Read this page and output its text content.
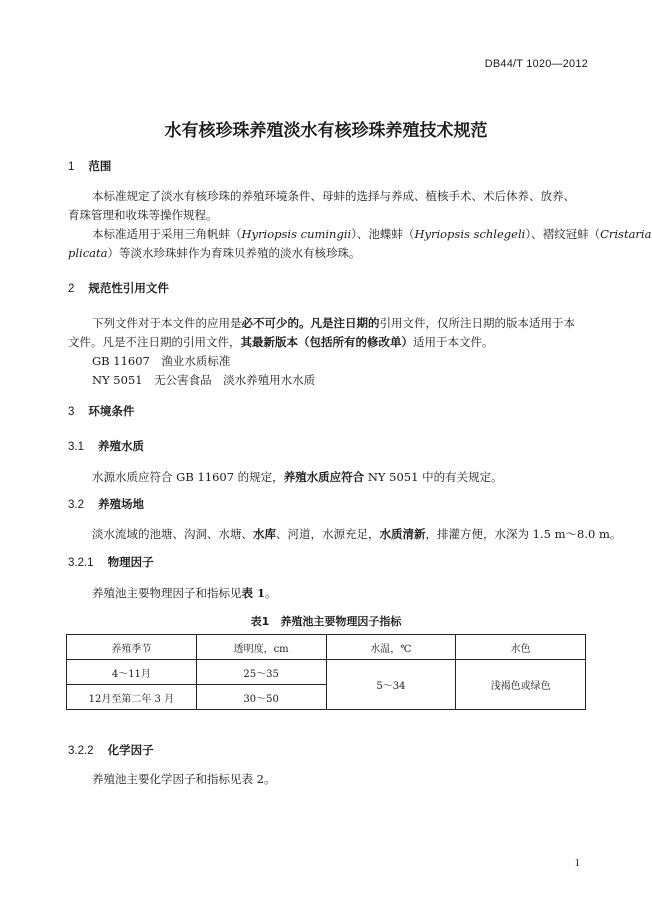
DB44/T 1020—2012
水有核珍珠养殖淡水有核珍珠养殖技术规范
1 范围
本标准规定了淡水有核珍珠的养殖环境条件、母蚌的选择与养成、植核手术、术后休养、放养、
育珠管理和收珠等操作规程。
本标准适用于采用三角帆蚌（Hyriopsis cumingii）、池蝶蚌（Hyriopsis schlegeli）、褶纹冠蚌（Cristaria
plicata）等淡水珍珠蚌作为育珠贝养殖的淡水有核珍珠。
2 规范性引用文件
下列文件对于本文件的应用是必不可少的。凡是注日期的引用文件，仅所注日期的版本适用于本
文件。凡是不注日期的引用文件，其最新版本（包括所有的修改单）适用于本文件。
GB 11607　渔业水质标准
NY 5051　无公害食品　淡水养殖用水水质
3 环境条件
3.1 养殖水质
水源水质应符合 GB 11607 的规定，养殖水质应符合 NY 5051 中的有关规定。
3.2 养殖场地
淡水流域的池塘、沟洞、水塘、水库、河道，水源充足，水质清新，排灌方便，水深为 1.5 m～8.0 m。
3.2.1 物理因子
养殖池主要物理因子和指标见表 1。
表1　养殖池主要物理因子指标
养殖季节	透明度，cm	水温，℃	水色
4～11月	25～35	5～34	浅褐色或绿色
12月至第二年 3 月	30～50		
3.2.2 化学因子
养殖池主要化学因子和指标见表 2。
1
